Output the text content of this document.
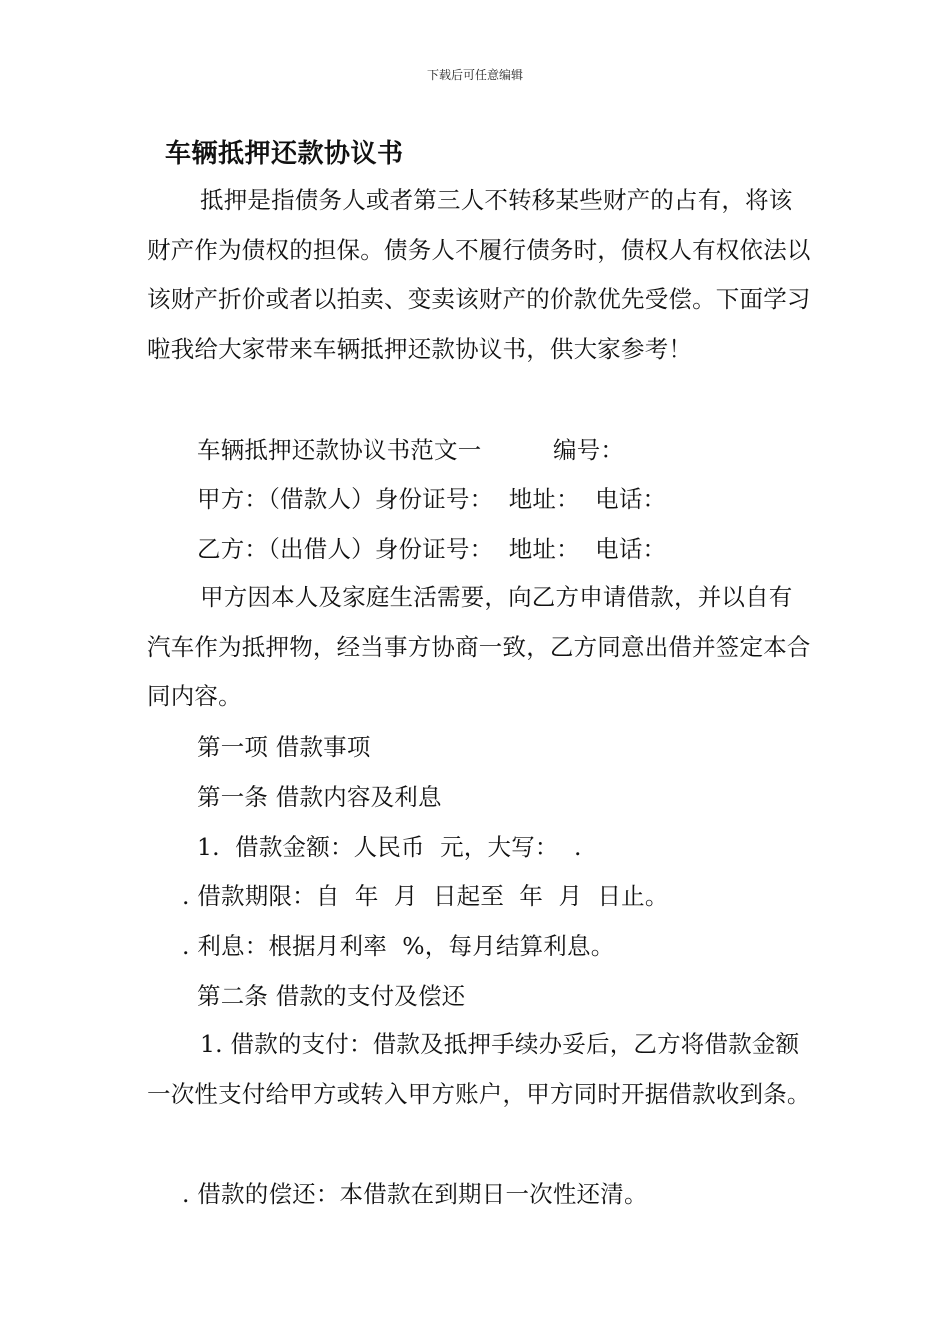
下载后可任意编辑
车辆抵押还款协议书

抵押是指债务人或者第三人不转移某些财产的占有，将该财产作为债权的担保。债务人不履行债务时，债权人有权依法以该财产折价或者以拍卖、变卖该财产的价款优先受偿。下面学习啦我给大家带来车辆抵押还款协议书，供大家参考！

车辆抵押还款协议书范文一	编号：
甲方：（借款人）身份证号：  地址：  电话：
乙方：（出借人）身份证号：  地址：  电话：

甲方因本人及家庭生活需要，向乙方申请借款，并以自有汽车作为抵押物，经当事方协商一致，乙方同意出借并签定本合同内容。

第一项 借款事项
第一条 借款内容及利息
1.  借款金额：人民币  元，大写：  .
. 借款期限：自  年  月  日起至  年  月  日止。
. 利息：根据月利率  %，每月结算利息。
第二条 借款的支付及偿还

1. 借款的支付：借款及抵押手续办妥后，乙方将借款金额一次性支付给甲方或转入甲方账户，甲方同时开据借款收到条。

. 借款的偿还：本借款在到期日一次性还清。
